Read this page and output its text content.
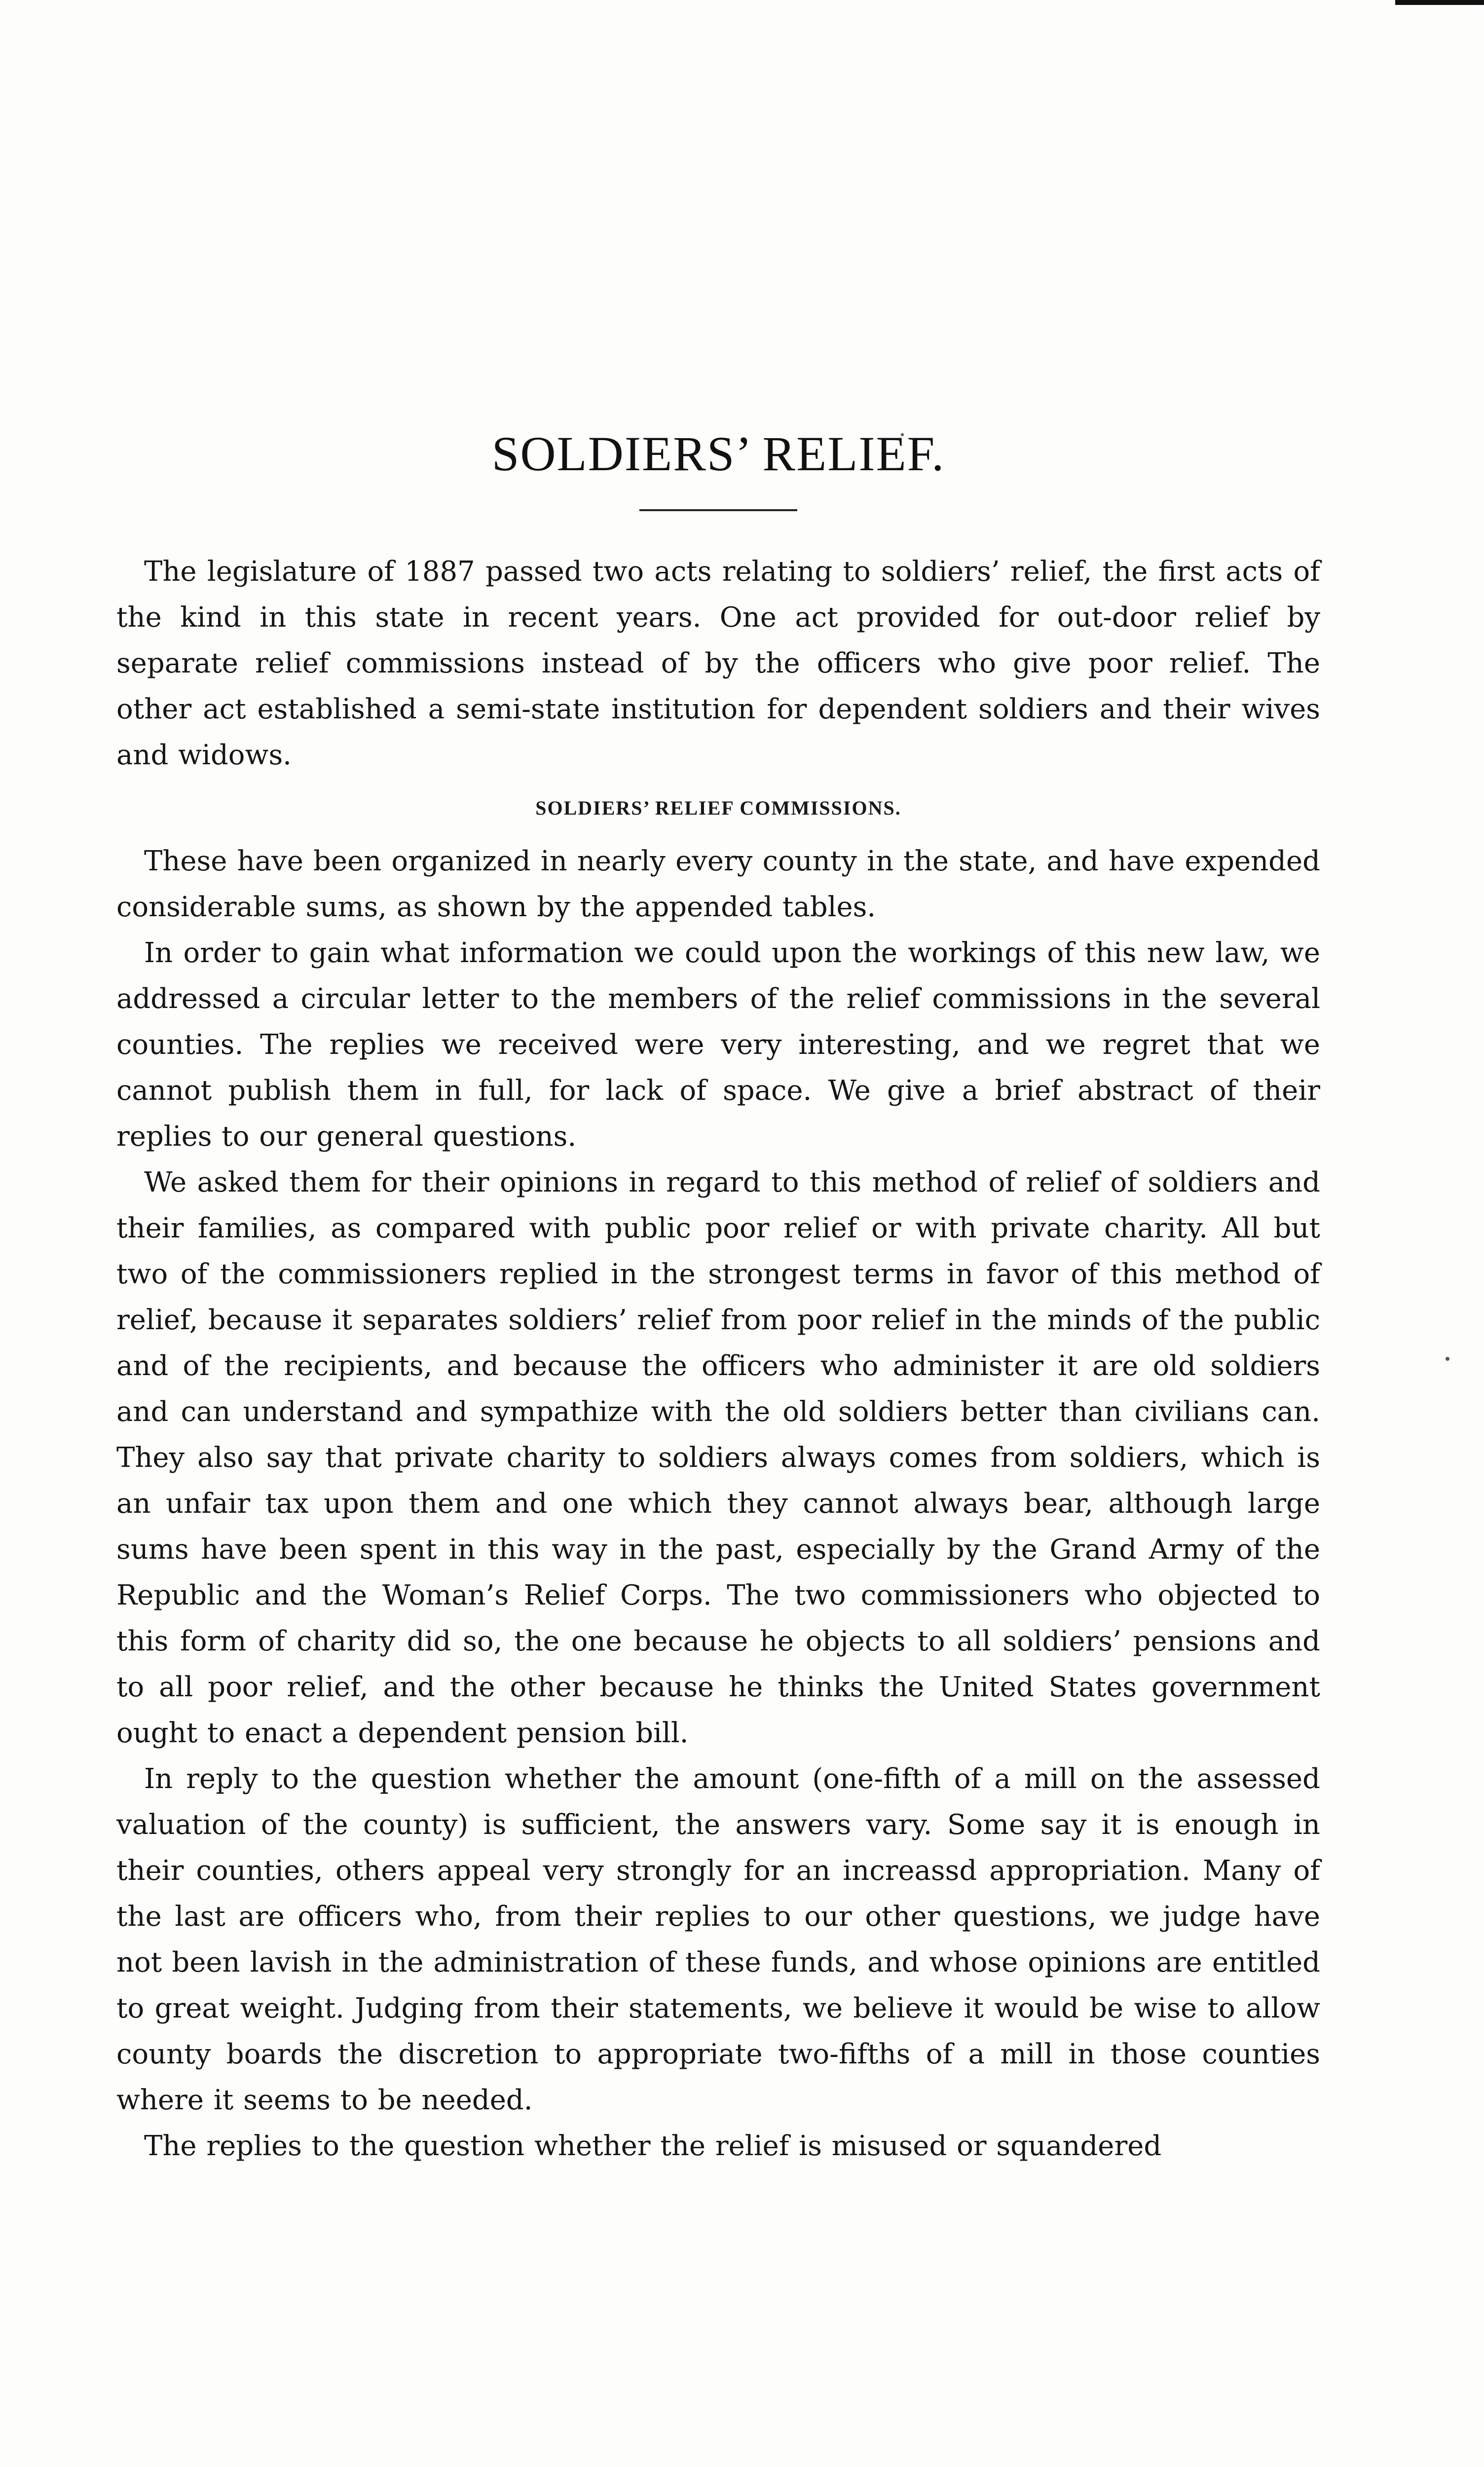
SOLDIERS’ RELIEF.

The legislature of 1887 passed two acts relating to soldiers’ relief, the first acts of the kind in this state in recent years. One act provided for out-door relief by separate relief commissions instead of by the officers who give poor relief. The other act established a semi-state institution for dependent soldiers and their wives and widows.

SOLDIERS’ RELIEF COMMISSIONS.

These have been organized in nearly every county in the state, and have expended considerable sums, as shown by the appended tables.

In order to gain what information we could upon the workings of this new law, we addressed a circular letter to the members of the relief commissions in the several counties. The replies we received were very interesting, and we regret that we cannot publish them in full, for lack of space. We give a brief abstract of their replies to our general questions.

We asked them for their opinions in regard to this method of relief of soldiers and their families, as compared with public poor relief or with private charity. All but two of the commissioners replied in the strongest terms in favor of this method of relief, because it separates soldiers’ relief from poor relief in the minds of the public and of the recipients, and because the officers who administer it are old soldiers and can understand and sympathize with the old soldiers better than civilians can. They also say that private charity to soldiers always comes from soldiers, which is an unfair tax upon them and one which they cannot always bear, although large sums have been spent in this way in the past, especially by the Grand Army of the Republic and the Woman’s Relief Corps. The two commissioners who objected to this form of charity did so, the one because he objects to all soldiers’ pensions and to all poor relief, and the other because he thinks the United States government ought to enact a dependent pension bill.

In reply to the question whether the amount (one-fifth of a mill on the assessed valuation of the county) is sufficient, the answers vary. Some say it is enough in their counties, others appeal very strongly for an increassd appropriation. Many of the last are officers who, from their replies to our other questions, we judge have not been lavish in the administration of these funds, and whose opinions are entitled to great weight. Judging from their statements, we believe it would be wise to allow county boards the discretion to appropriate two-fifths of a mill in those counties where it seems to be needed.

The replies to the question whether the relief is misused or squandered
